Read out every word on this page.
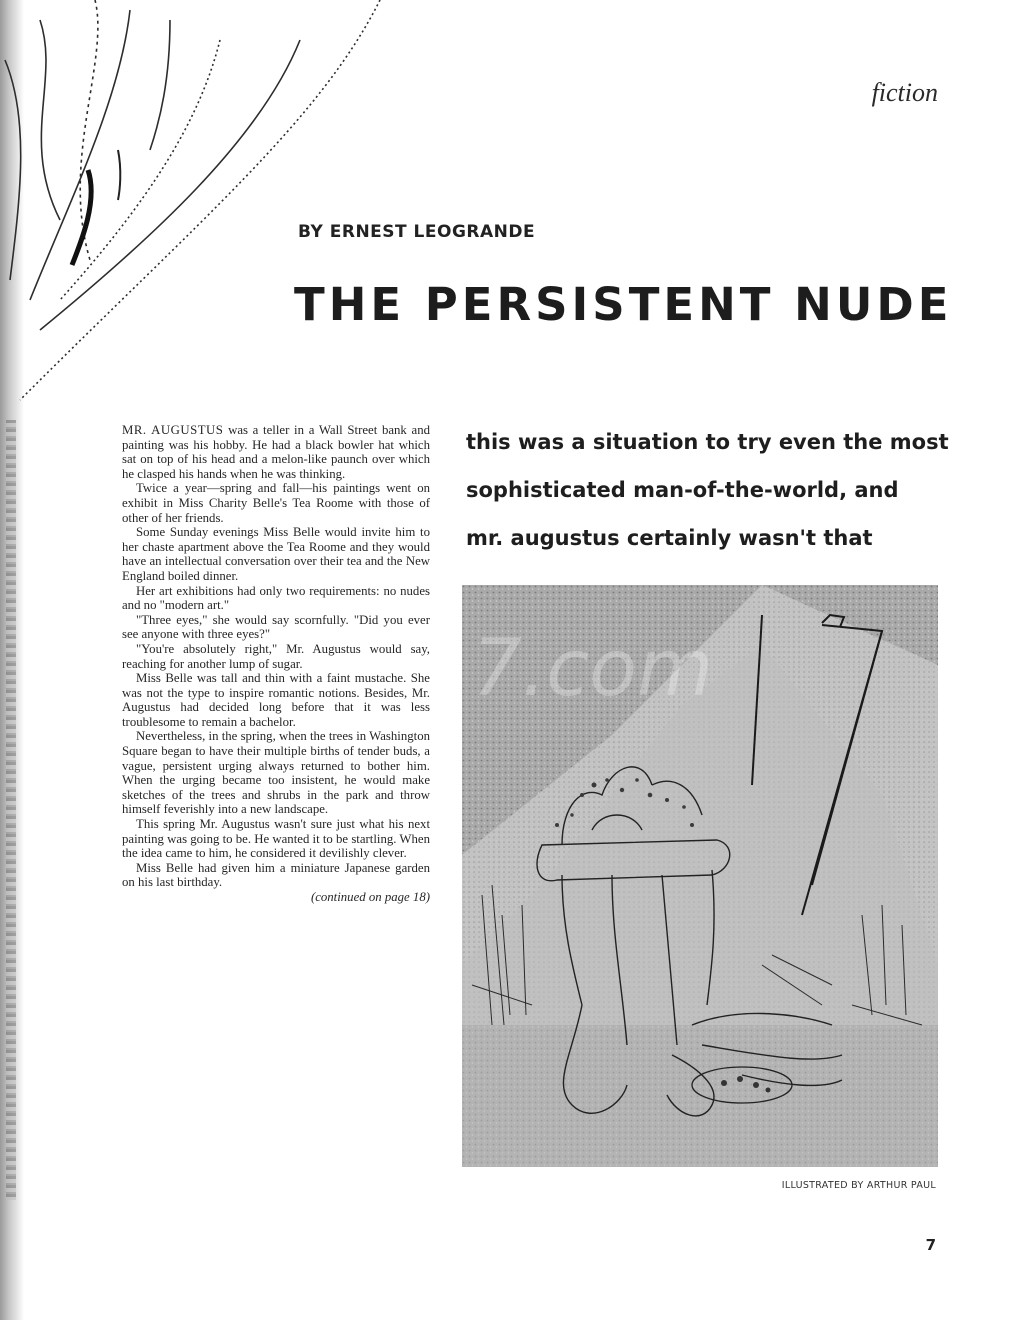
fiction
BY ERNEST LEOGRANDE
THE PERSISTENT NUDE

MR. AUGUSTUS was a teller in a Wall Street bank and painting was his hobby. He had a black bowler hat which sat on top of his head and a melon-like paunch over which he clasped his hands when he was thinking.

Twice a year—spring and fall—his paintings went on exhibit in Miss Charity Belle's Tea Roome with those of other of her friends.

Some Sunday evenings Miss Belle would invite him to her chaste apartment above the Tea Roome and they would have an intellectual conversation over their tea and the New England boiled dinner.

Her art exhibitions had only two requirements: no nudes and no "modern art."

"Three eyes," she would say scornfully. "Did you ever see anyone with three eyes?"

"You're absolutely right," Mr. Augustus would say, reaching for another lump of sugar.

Miss Belle was tall and thin with a faint mustache. She was not the type to inspire romantic notions. Besides, Mr. Augustus had decided long before that it was less troublesome to remain a bachelor.

Nevertheless, in the spring, when the trees in Washington Square began to have their multiple births of tender buds, a vague, persistent urging always returned to bother him. When the urging became too insistent, he would make sketches of the trees and shrubs in the park and throw himself feverishly into a new landscape.

This spring Mr. Augustus wasn't sure just what his next painting was going to be. He wanted it to be startling. When the idea came to him, he considered it devilishly clever.

Miss Belle had given him a miniature Japanese garden on his last birthday.

(continued on page 18)

this was a situation to try even the most
sophisticated man-of-the-world, and
mr. augustus certainly wasn't that
7.com
ILLUSTRATED BY ARTHUR PAUL
7
